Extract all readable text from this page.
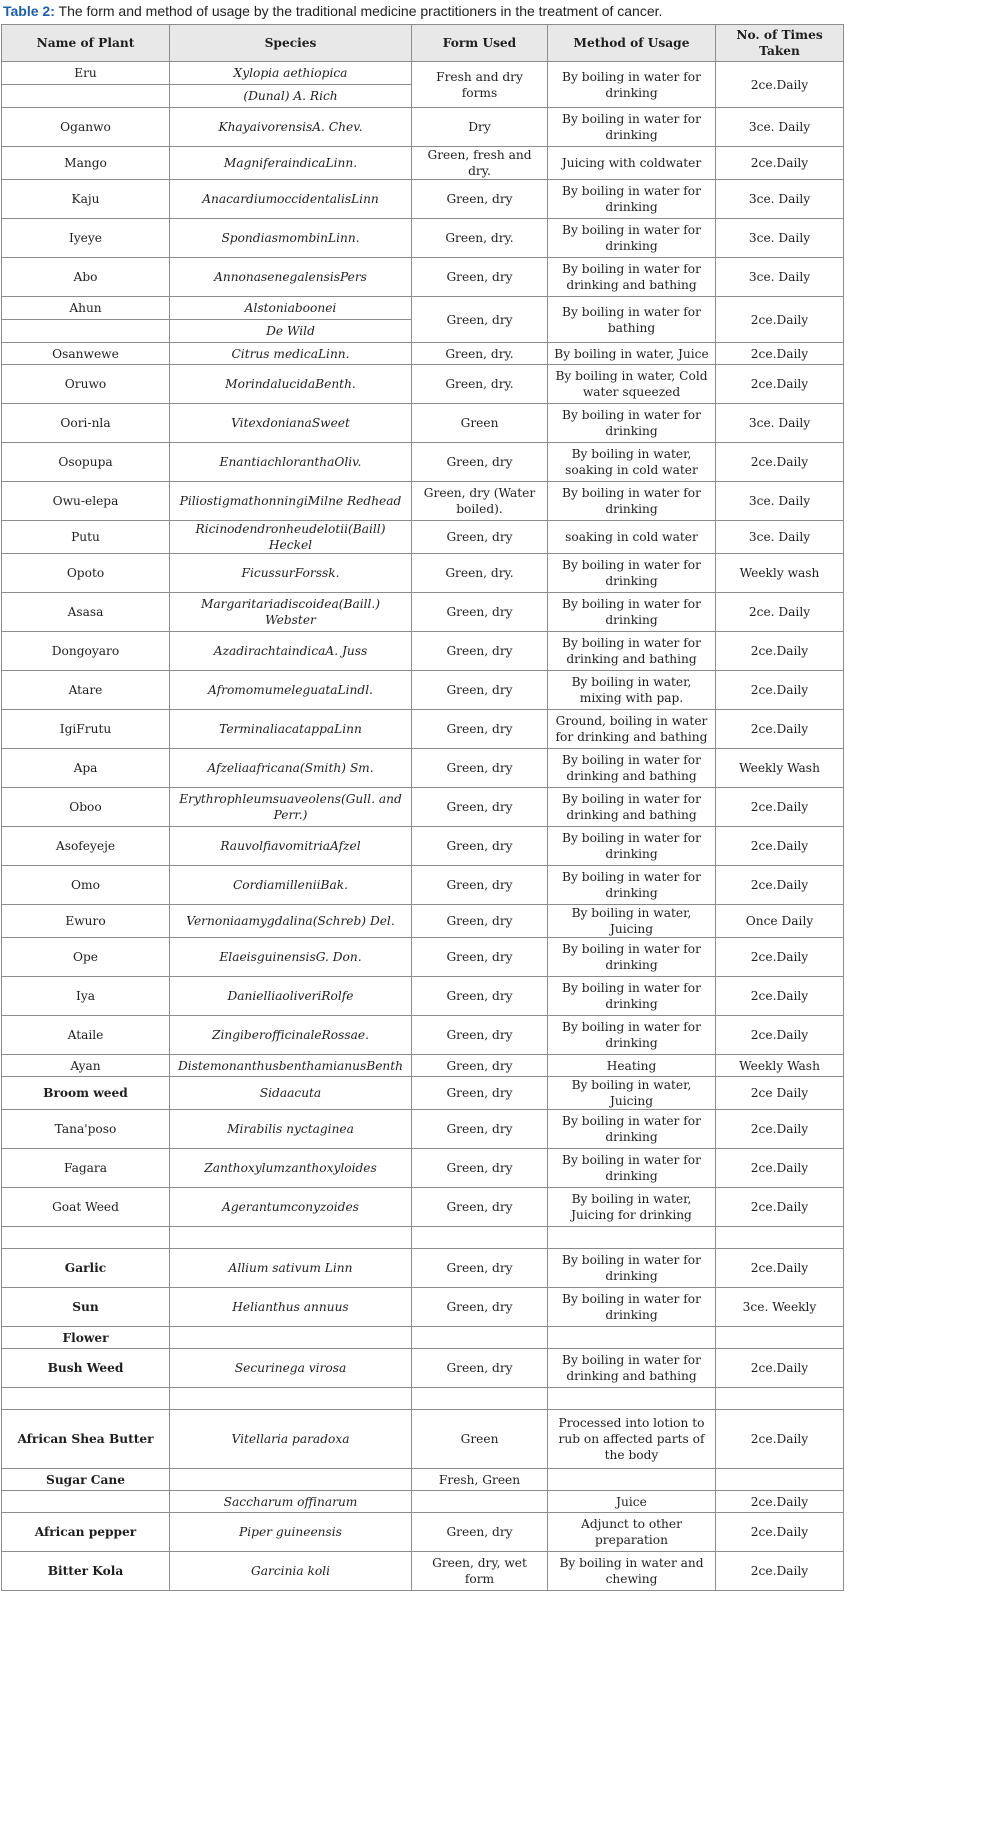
Table 2: The form and method of usage by the traditional medicine practitioners in the treatment of cancer.
Name of Plant	Species	Form Used	Method of Usage	No. of Times Taken
Eru	Xylopia aethiopica	Fresh and dry forms	By boiling in water for drinking	2ce.Daily
	(Dunal) A. Rich		
Oganwo	KhayaivorensisA. Chev.	Dry	By boiling in water for drinking	3ce. Daily
Mango	MagniferaindicaLinn.	Green, fresh and dry.	Juicing with coldwater	2ce.Daily
Kaju	AnacardiumoccidentalisLinn	Green, dry	By boiling in water for drinking	3ce. Daily
Iyeye	SpondiasmombinLinn.	Green, dry.	By boiling in water for drinking	3ce. Daily
Abo	AnnonasenegalensisPers	Green, dry	By boiling in water for drinking and bathing	3ce. Daily
Ahun	Alstoniaboonei	Green, dry	By boiling in water for bathing	2ce.Daily
	De Wild		
Osanwewe	Citrus medicaLinn.	Green, dry.	By boiling in water, Juice	2ce.Daily
Oruwo	MorindalucidaBenth.	Green, dry.	By boiling in water, Cold water squeezed	2ce.Daily
Oori-nla	VitexdonianaSweet	Green	By boiling in water for drinking	3ce. Daily
Osopupa	EnantiachloranthaOliv.	Green, dry	By boiling in water, soaking in cold water	2ce.Daily
Owu-elepa	PiliostigmathonningiMilne Redhead	Green, dry (Water boiled).	By boiling in water for drinking	3ce. Daily
Putu	Ricinodendronheudelotii(Baill) Heckel	Green, dry	soaking in cold water	3ce. Daily
Opoto	FicussurForssk.	Green, dry.	By boiling in water for drinking	Weekly wash
Asasa	Margaritariadiscoidea(Baill.) Webster	Green, dry	By boiling in water for drinking	2ce. Daily
Dongoyaro	AzadirachtaindicaA. Juss	Green, dry	By boiling in water for drinking and bathing	2ce.Daily
Atare	AfromomumeleguataLindl.	Green, dry	By boiling in water, mixing with pap.	2ce.Daily
IgiFrutu	TerminaliacatappaLinn	Green, dry	Ground, boiling in water for drinking and bathing	2ce.Daily
Apa	Afzeliaafricana(Smith) Sm.	Green, dry	By boiling in water for drinking and bathing	Weekly Wash
Oboo	Erythrophleumsuaveolens(Gull. and Perr.)	Green, dry	By boiling in water for drinking and bathing	2ce.Daily
Asofeyeje	RauvolfiavomitriaAfzel	Green, dry	By boiling in water for drinking	2ce.Daily
Omo	CordiamilleniiBak.	Green, dry	By boiling in water for drinking	2ce.Daily
Ewuro	Vernoniaamygdalina(Schreb) Del.	Green, dry	By boiling in water, Juicing	Once Daily
Ope	ElaeisguinensisG. Don.	Green, dry	By boiling in water for drinking	2ce.Daily
Iya	DanielliaoliveriRolfe	Green, dry	By boiling in water for drinking	2ce.Daily
Ataile	ZingiberofficinaleRossae.	Green, dry	By boiling in water for drinking	2ce.Daily
Ayan	DistemonanthusbenthamianusBenth	Green, dry	Heating	Weekly Wash
Broom weed	Sidaacuta	Green, dry	By boiling in water, Juicing	2ce Daily
Tana'poso	Mirabilis nyctaginea	Green, dry	By boiling in water for drinking	2ce.Daily
Fagara	Zanthoxylumzanthoxyloides	Green, dry	By boiling in water for drinking	2ce.Daily
Goat Weed	Agerantumconyzoides	Green, dry	By boiling in water, Juicing for drinking	2ce.Daily

Garlic	Allium sativum Linn	Green, dry	By boiling in water for drinking	2ce.Daily
Sun	Helianthus annuus	Green, dry	By boiling in water for drinking	3ce. Weekly
Flower				
Bush Weed	Securinega virosa	Green, dry	By boiling in water for drinking and bathing	2ce.Daily

African Shea Butter	Vitellaria paradoxa	Green	Processed into lotion to rub on affected parts of the body	2ce.Daily
Sugar Cane		Fresh, Green		
	Saccharum offinarum		Juice	2ce.Daily
African pepper	Piper guineensis	Green, dry	Adjunct to other preparation	2ce.Daily
Bitter Kola	Garcinia koli	Green, dry, wet form	By boiling in water and chewing	2ce.Daily
